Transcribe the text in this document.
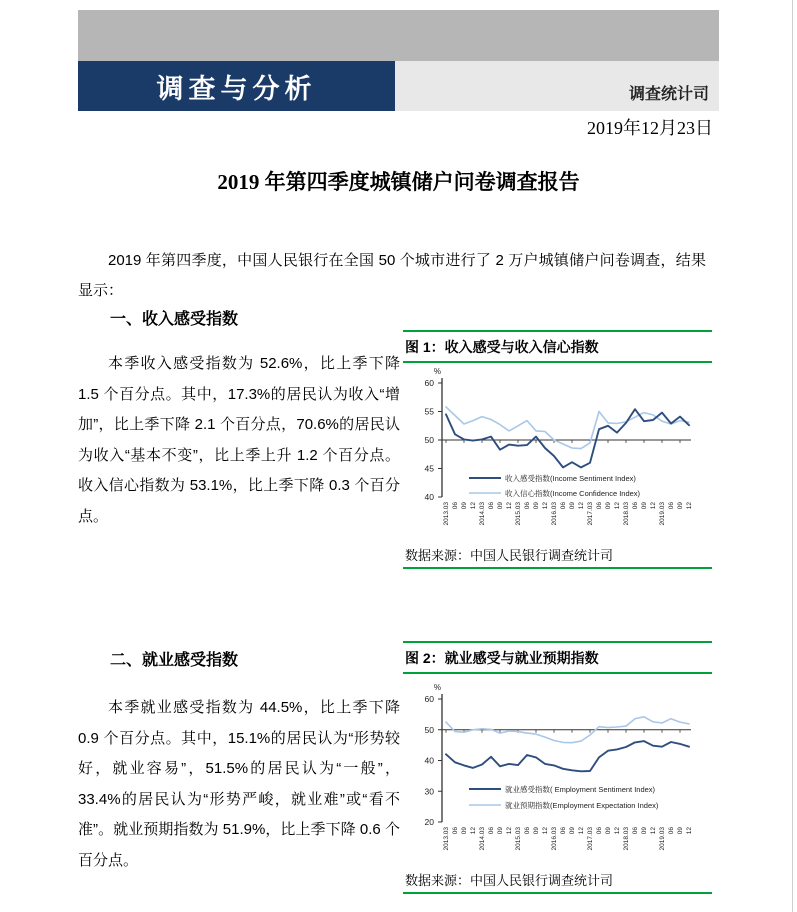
调查与分析	调查统计司
2019年12月23日
2019 年第四季度城镇储户问卷调查报告

2019 年第四季度，中国人民银行在全国 50 个城市进行了 2 万户城镇储户问卷调查，结果显示：

一、收入感受指数

本季收入感受指数为 52.6%，比上季下降 1.5 个百分点。其中，17.3%的居民认为收入“增加”，比上季下降 2.1 个百分点，70.6%的居民认为收入“基本不变”，比上季上升 1.2 个百分点。收入信心指数为 53.1%，比上季下降 0.3 个百分点。

图 1：收入感受与收入信心指数
60
55
50
45
40
%
2013.03 06 09 12 2014.03 06 09 12 2015.03 06 09 12 2016.03 06 09 12 2017.03 06 09 12 2018.03 06 09 12 2019.03 06 09 12
收入感受指数(Income Sentiment Index)
收入信心指数(Income Confidence Index)
数据来源：中国人民银行调查统计司
二、就业感受指数

本季就业感受指数为 44.5%，比上季下降 0.9 个百分点。其中，15.1%的居民认为“形势较好，就业容易”，51.5%的居民认为“一般”，33.4%的居民认为“形势严峻，就业难”或“看不准”。就业预期指数为 51.9%，比上季下降 0.6 个百分点。

图 2：就业感受与就业预期指数
60
50
40
30
20
%
2013.03 06 09 12 2014.03 06 09 12 2015.03 06 09 12 2016.03 06 09 12 2017.03 06 09 12 2018.03 06 09 12 2019.03 06 09 12
就业感受指数( Employment Sentiment Index)
就业预期指数(Employment Expectation Index)
数据来源：中国人民银行调查统计司
